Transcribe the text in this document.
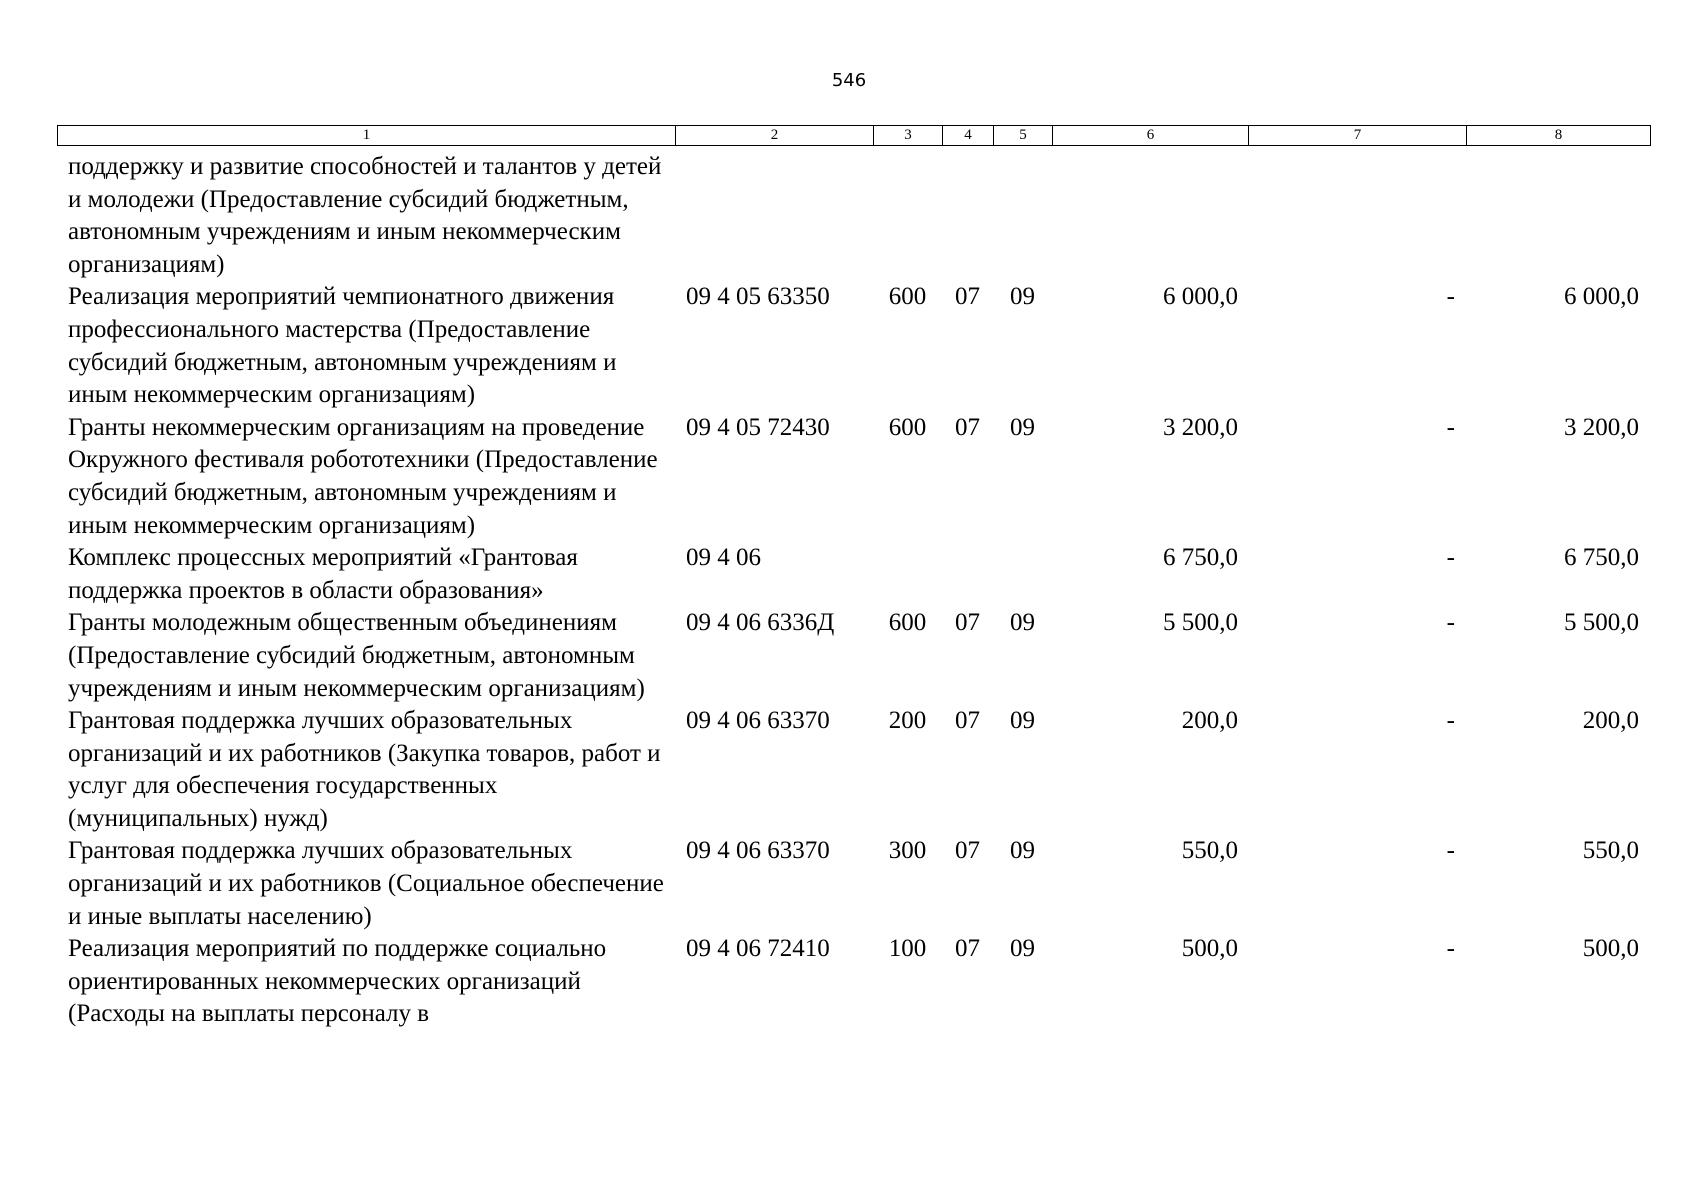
546
1	2	3	4	5	6	7	8
поддержку и развитие способностей и талантов у детей и молодежи (Предоставление субсидий бюджетным, автономным учреждениям и иным некоммерческим организациям)							
Реализация мероприятий чемпионатного движения профессионального мастерства (Предоставление субсидий бюджетным, автономным учреждениям и иным некоммерческим организациям)	09 4 05 63350	600	07	09	6 000,0	-	6 000,0
Гранты некоммерческим организациям на проведение Окружного фестиваля робототехники (Предоставление субсидий бюджетным, автономным учреждениям и иным некоммерческим организациям)	09 4 05 72430	600	07	09	3 200,0	-	3 200,0
Комплекс процессных мероприятий «Грантовая поддержка проектов в области образования»	09 4 06				6 750,0	-	6 750,0
Гранты молодежным общественным объединениям (Предоставление субсидий бюджетным, автономным учреждениям и иным некоммерческим организациям)	09 4 06 6336Д	600	07	09	5 500,0	-	5 500,0
Грантовая поддержка лучших образовательных организаций и их работников (Закупка товаров, работ и услуг для обеспечения государственных (муниципальных) нужд)	09 4 06 63370	200	07	09	200,0	-	200,0
Грантовая поддержка лучших образовательных организаций и их работников (Социальное обеспечение и иные выплаты населению)	09 4 06 63370	300	07	09	550,0	-	550,0
Реализация мероприятий по поддержке социально ориентированных некоммерческих организаций (Расходы на выплаты персоналу в	09 4 06 72410	100	07	09	500,0	-	500,0
